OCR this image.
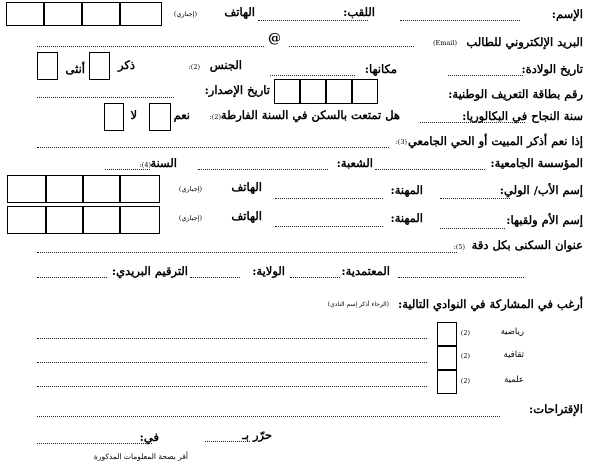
الإسم:
اللقب:
الهاتف
(إجباري)
البريد الإلكتروني للطالب
(Email)
@
تاريخ الولادة:
مكانها:
الجنس
(2):
ذكر
أنثى
رقم بطاقة التعريف الوطنية:
تاريخ الإصدار:
سنة النجاح في البكالوريا:
هل تمتعت بالسكن في السنة الفارطة
(2):
نعم
لا
إذا نعم أذكر المبيت أو الحي الجامعي
(3):
المؤسسة الجامعية:
الشعبة:
السنة
(4):
إسم الأب/ الولي:
المهنة:
الهاتف
(إجباري)
إسم الأم ولقبها:
المهنة:
الهاتف
(إجباري)
عنوان السكنى بكل دقة
(5):
المعتمدية:
الولاية:
الترقيم البريدي:
أرغب في المشاركة في النوادي التالية:
(الرجاء أذكر إسم النادي)
رياضية
(2)
ثقافية
(2)
علمية
(2)
الإقتراحات:
حرّر بـ
في:
أقر بصحة المعلومات المذكورة
